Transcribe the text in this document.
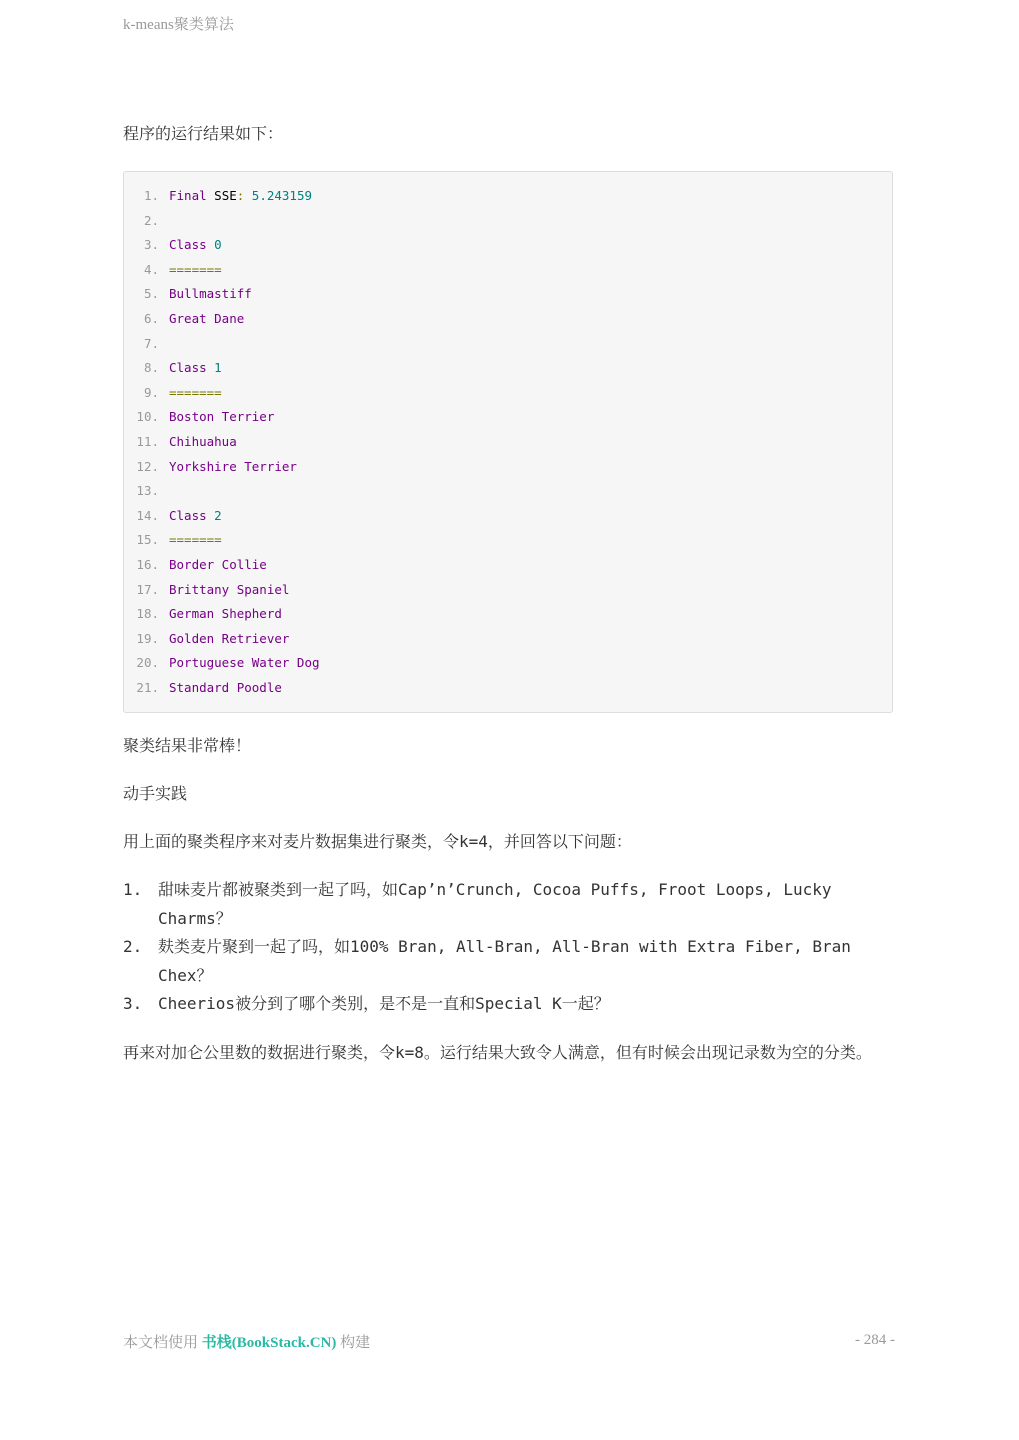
k-means聚类算法

程序的运行结果如下：

1. Final SSE: 5.243159
2.
3. Class 0
4. =======
5. Bullmastiff
6. Great Dane
7.
8. Class 1
9. =======
10. Boston Terrier
11. Chihuahua
12. Yorkshire Terrier
13.
14. Class 2
15. =======
16. Border Collie
17. Brittany Spaniel
18. German Shepherd
19. Golden Retriever
20. Portuguese Water Dog
21. Standard Poodle

聚类结果非常棒！

动手实践

用上面的聚类程序来对麦片数据集进行聚类，令k=4，并回答以下问题：

1. 甜味麦片都被聚类到一起了吗，如Cap’n’Crunch, Cocoa Puffs, Froot Loops, Lucky Charms？
2. 麸类麦片聚到一起了吗，如100% Bran, All-Bran, All-Bran with Extra Fiber, Bran Chex？
3. Cheerios被分到了哪个类别，是不是一直和Special K一起？

再来对加仑公里数的数据进行聚类，令k=8。运行结果大致令人满意，但有时候会出现记录数为空的分类。

本文档使用 书栈(BookStack.CN) 构建	- 284 -
